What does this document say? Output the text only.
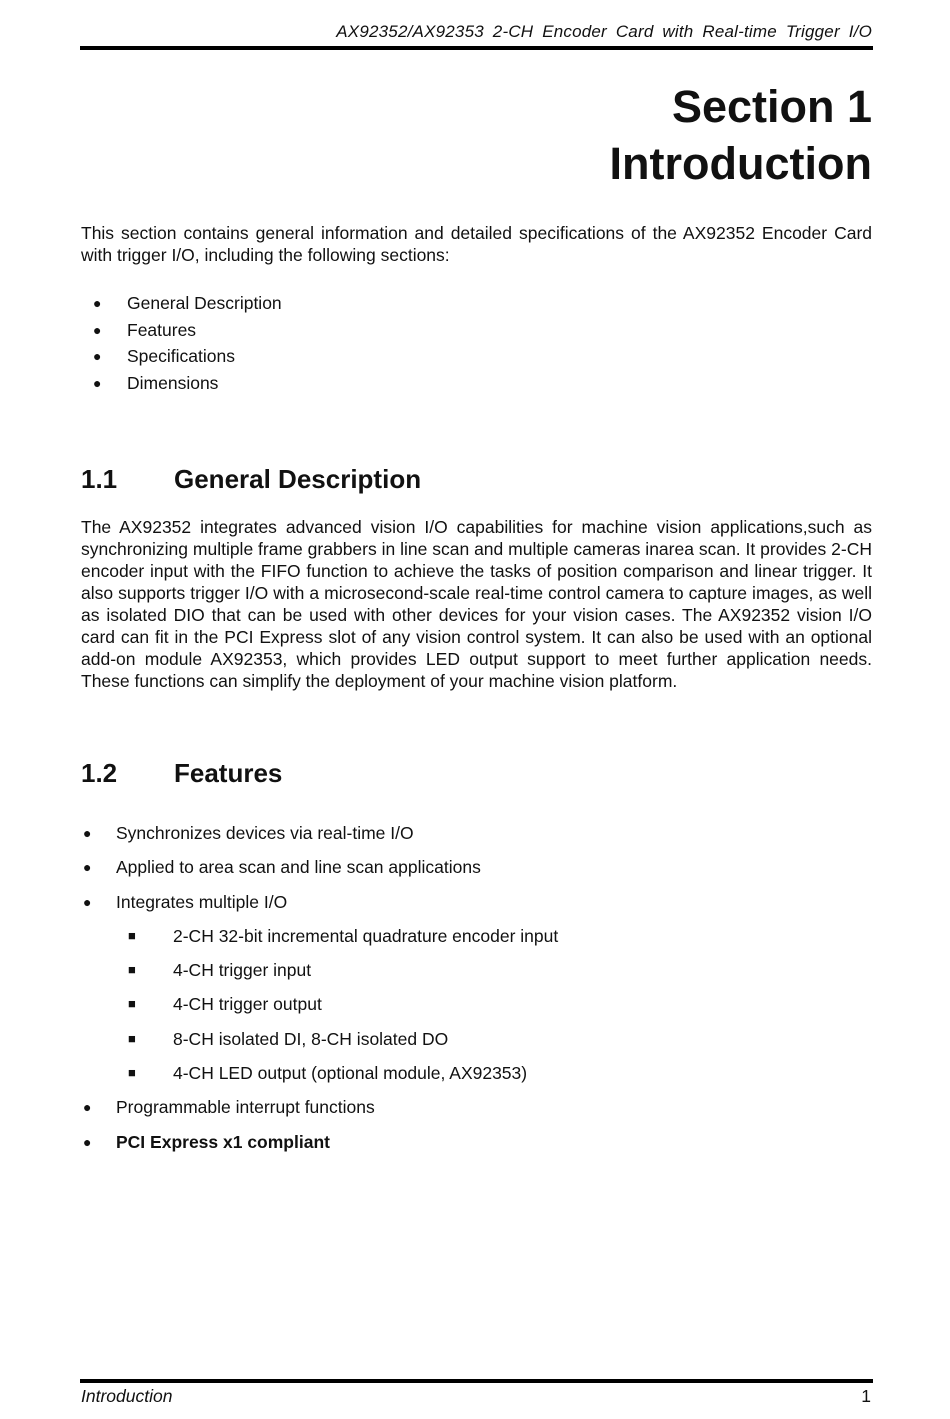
AX92352/AX92353 2-CH Encoder Card with Real-time Trigger I/O
Section 1
Introduction

This section contains general information and detailed specifications of the AX92352 Encoder Card with trigger I/O, including the following sections:

● General Description
● Features
● Specifications
● Dimensions
1.1 General Description

The AX92352 integrates advanced vision I/O capabilities for machine vision applications,such as synchronizing multiple frame grabbers in line scan and multiple cameras inarea scan. It provides 2-CH encoder input with the FIFO function to achieve the tasks of position comparison and linear trigger. It also supports trigger I/O with a microsecond-scale real-time control camera to capture images, as well as isolated DIO that can be used with other devices for your vision cases. The AX92352 vision I/O card can fit in the PCI Express slot of any vision control system. It can also be used with an optional add-on module AX92353, which provides LED output support to meet further application needs. These functions can simplify the deployment of your machine vision platform.

1.2 Features
● Synchronizes devices via real-time I/O
● Applied to area scan and line scan applications
● Integrates multiple I/O
■ 2-CH 32-bit incremental quadrature encoder input
■ 4-CH trigger input
■ 4-CH trigger output
■ 8-CH isolated DI, 8-CH isolated DO
■ 4-CH LED output (optional module, AX92353)
● Programmable interrupt functions
● PCI Express x1 compliant
Introduction	1
